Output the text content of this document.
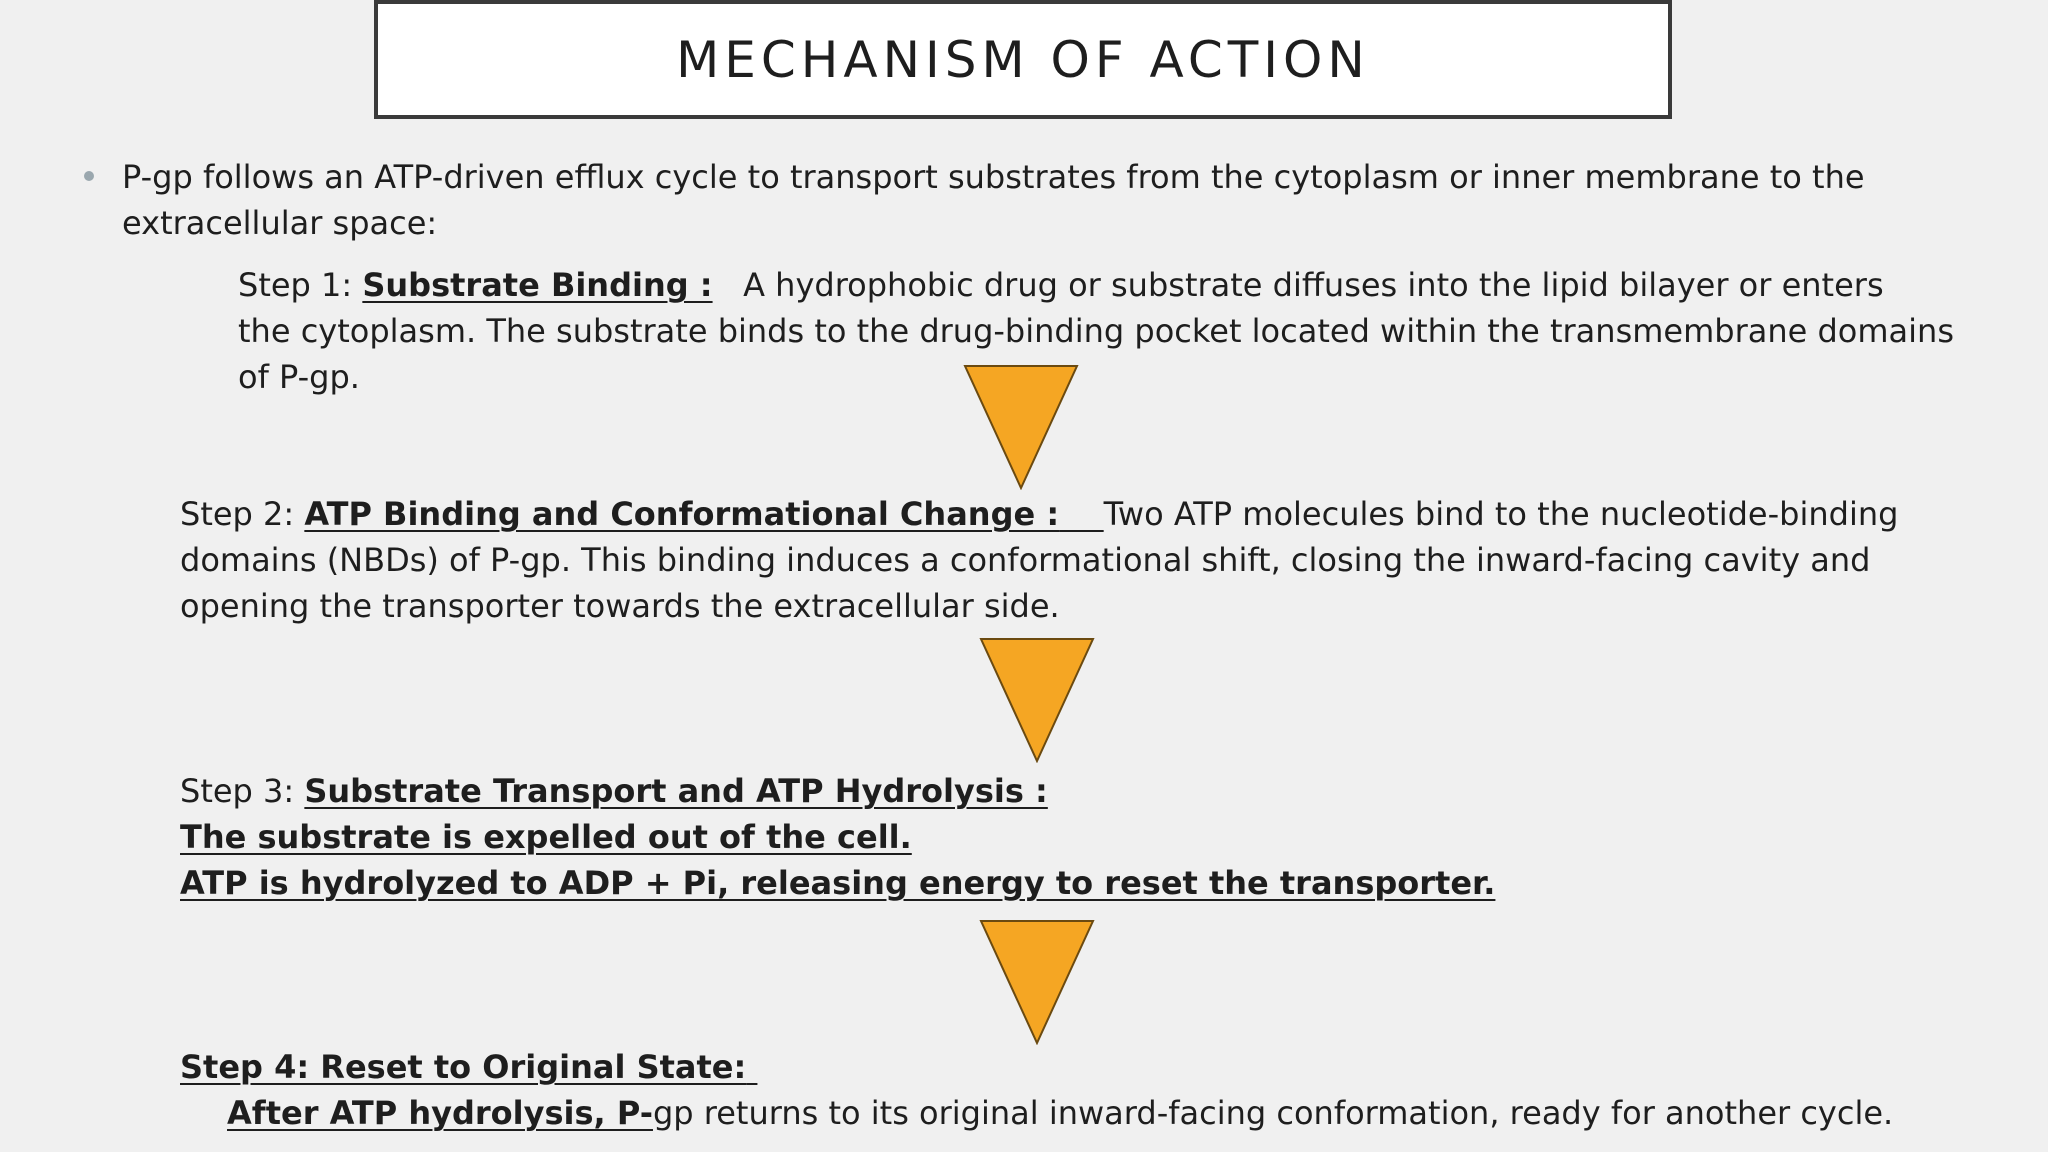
MECHANISM OF ACTION
P-gp follows an ATP-driven efflux cycle to transport substrates from the cytoplasm or inner membrane to the
extracellular space:
Step 1: Substrate Binding : A hydrophobic drug or substrate diffuses into the lipid bilayer or enters
the cytoplasm. The substrate binds to the drug-binding pocket located within the transmembrane domains
of P-gp.
Step 2: ATP Binding and Conformational Change : Two ATP molecules bind to the nucleotide-binding
domains (NBDs) of P-gp. This binding induces a conformational shift, closing the inward-facing cavity and
opening the transporter towards the extracellular side.
Step 3: Substrate Transport and ATP Hydrolysis :
The substrate is expelled out of the cell.
ATP is hydrolyzed to ADP + Pi, releasing energy to reset the transporter.
Step 4: Reset to Original State:
After ATP hydrolysis, P-gp returns to its original inward-facing conformation, ready for another cycle.
